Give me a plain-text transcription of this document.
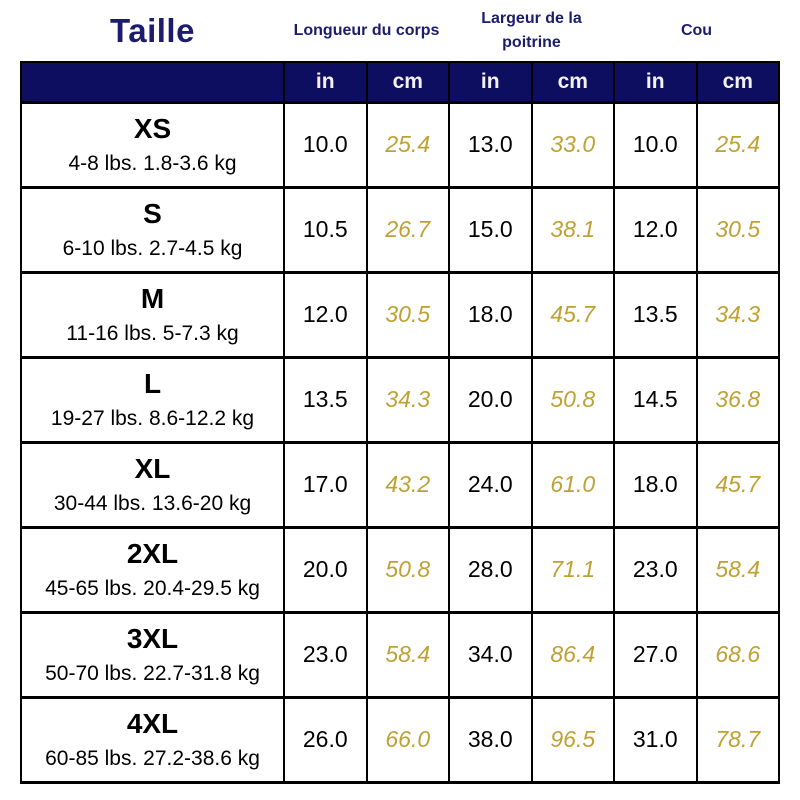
Taille	Longueur du corps		Largeur de la poitrine		Cou	
	in	cm	in	cm	in	cm

XS
4-8 lbs. 1.8-3.6 kg	10.0	25.4	13.0	33.0	10.0	25.4

S
6-10 lbs. 2.7-4.5 kg	10.5	26.7	15.0	38.1	12.0	30.5

M
11-16 lbs. 5-7.3 kg	12.0	30.5	18.0	45.7	13.5	34.3

L
19-27 lbs. 8.6-12.2 kg	13.5	34.3	20.0	50.8	14.5	36.8

XL
30-44 lbs. 13.6-20 kg	17.0	43.2	24.0	61.0	18.0	45.7

2XL
45-65 lbs. 20.4-29.5 kg	20.0	50.8	28.0	71.1	23.0	58.4

3XL
50-70 lbs. 22.7-31.8 kg	23.0	58.4	34.0	86.4	27.0	68.6

4XL
60-85 lbs. 27.2-38.6 kg	26.0	66.0	38.0	96.5	31.0	78.7
